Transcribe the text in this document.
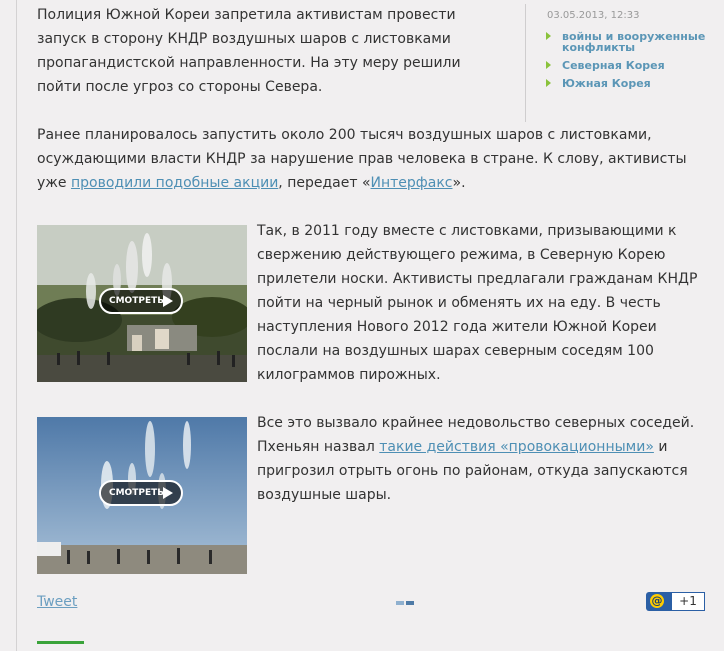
Полиция Южной Кореи запретила активистам провести запуск в сторону КНДР воздушных шаров с листовками пропагандистской направленности. На эту меру решили пойти после угроз со стороны Севера.

Ранее планировалось запустить около 200 тысяч воздушных шаров с листовками, осуждающими власти КНДР за нарушение прав человека в стране. К слову, активисты уже проводили подобные акции, передает «Интерфакс».

03.05.2013, 12:33
войны и вооруженные конфликты
Северная Корея
Южная Корея
СМОТРЕТЬ

Так, в 2011 году вместе с листовками, призывающими к свержению действующего режима, в Северную Корею прилетели носки. Активисты предлагали гражданам КНДР пойти на черный рынок и обменять их на еду. В честь наступления Нового 2012 года жители Южной Кореи послали на воздушных шарах северным соседям 100 килограммов пирожных.

СМОТРЕТЬ

Все это вызвало крайнее недовольство северных соседей. Пхеньян назвал такие действия «провокационными» и пригрозил отрыть огонь по районам, откуда запускаются воздушные шары.

Tweet	@	+1
